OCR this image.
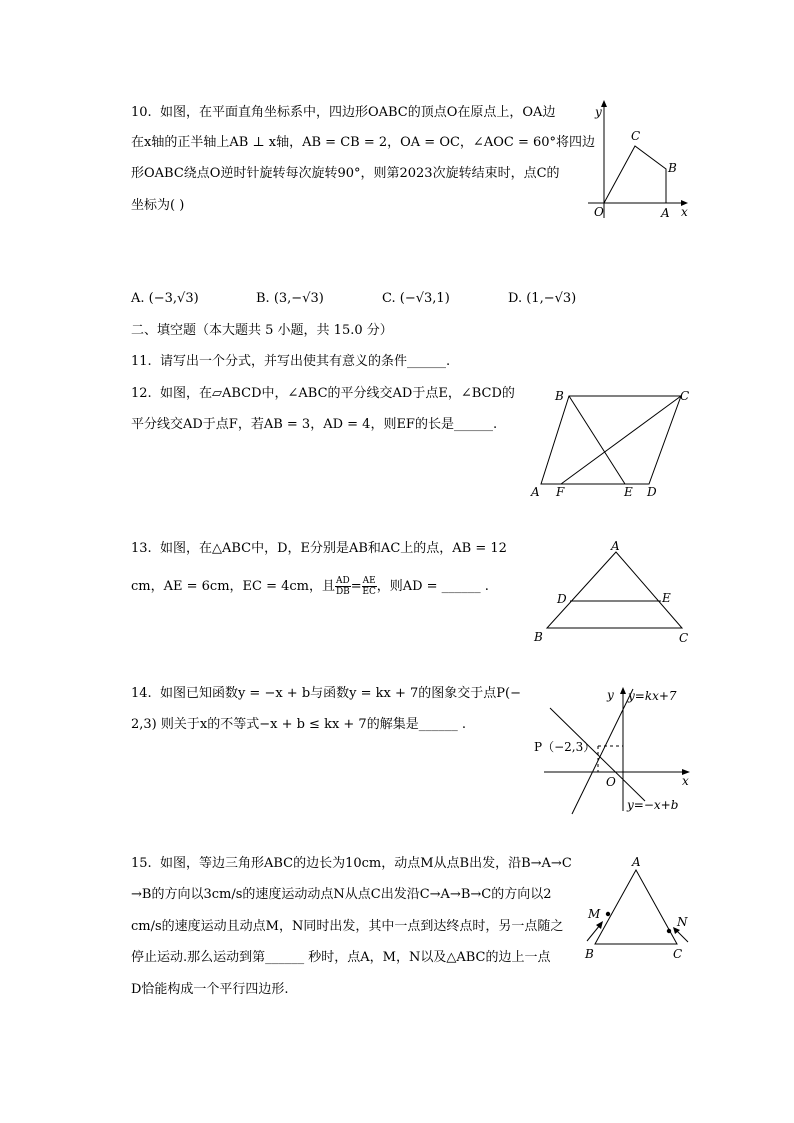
10. 如图，在平面直角坐标系中，四边形OABC的顶点O在原点上，OA边
在x轴的正半轴上AB ⊥ x轴，AB = CB = 2，OA = OC，∠AOC = 60°将四边
形OABC绕点O逆时针旋转每次旋转90°，则第2023次旋转结束时，点C的
坐标为( )
y
x
O	A
B
C
A. (−3,√3)	B. (3,−√3)	C. (−√3,1)	D. (1,−√3)
二、填空题（本大题共 5 小题，共 15.0 分）
11. 请写出一个分式，并写出使其有意义的条件______.
12. 如图，在▱ABCD中，∠ABC的平分线交AD于点E，∠BCD的
平分线交AD于点F，若AB = 3，AD = 4，则EF的长是______.
B	C
A F	E D
13. 如图，在△ABC中，D，E分别是AB和AC上的点，AB = 12
cm，AE = 6cm，EC = 4cm，且 $\frac{AD}{DB} = \frac{AE}{EC}$ ，则AD = ______ .
A
D	E
B	C
14. 如图已知函数y = −x + b与函数y = kx + 7的图象交于点P(−
2,3) 则关于x的不等式−x + b ≤ kx + 7的解集是______ .
y y=kx+7
P（−2,3）
x
O
y=−x+b
15. 如图，等边三角形ABC的边长为10cm，动点M从点B出发，沿B→A→C
→B的方向以3cm/s的速度运动动点N从点C出发沿C→A→B→C的方向以2
cm/s的速度运动且动点M，N同时出发，其中一点到达终点时，另一点随之
停止运动.那么运动到第______ 秒时，点A，M，N以及△ABC的边上一点
D恰能构成一个平行四边形.
A
M
N
B	C
